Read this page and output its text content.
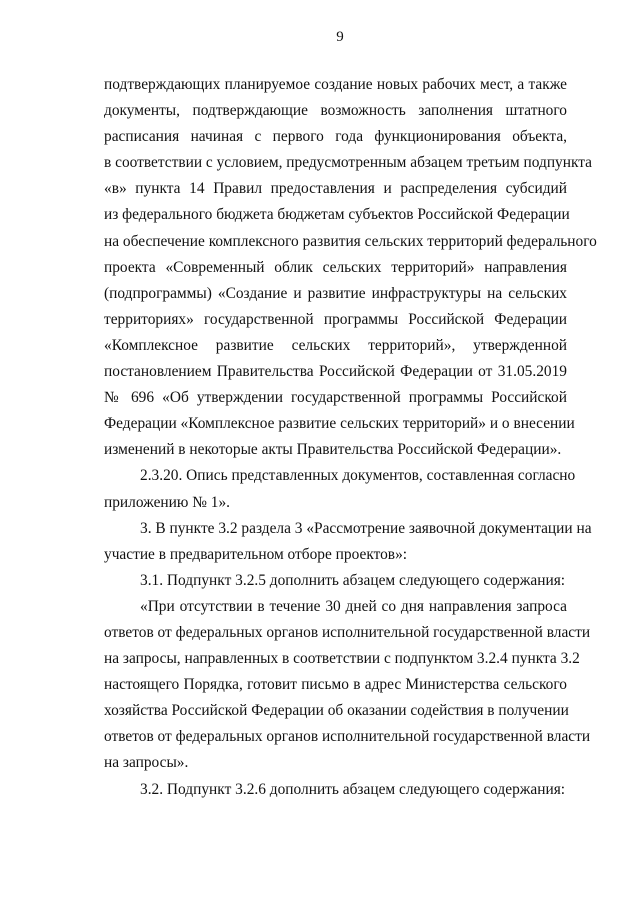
9
подтверждающих планируемое создание новых рабочих мест, а также
документы, подтверждающие возможность заполнения штатного
расписания начиная с первого года функционирования объекта,
в соответствии с условием, предусмотренным абзацем третьим подпункта
«в» пункта 14 Правил предоставления и распределения субсидий
из федерального бюджета бюджетам субъектов Российской Федерации
на обеспечение комплексного развития сельских территорий федерального
проекта «Современный облик сельских территорий» направления
(подпрограммы) «Создание и развитие инфраструктуры на сельских
территориях» государственной программы Российской Федерации
«Комплексное развитие сельских территорий», утвержденной
постановлением Правительства Российской Федерации от 31.05.2019
№ 696 «Об утверждении государственной программы Российской
Федерации «Комплексное развитие сельских территорий» и о внесении
изменений в некоторые акты Правительства Российской Федерации».
2.3.20. Опись представленных документов, составленная согласно
приложению № 1».
3. В пункте 3.2 раздела 3 «Рассмотрение заявочной документации на
участие в предварительном отборе проектов»:
3.1. Подпункт 3.2.5 дополнить абзацем следующего содержания:
«При отсутствии в течение 30 дней со дня направления запроса
ответов от федеральных органов исполнительной государственной власти
на запросы, направленных в соответствии с подпунктом 3.2.4 пункта 3.2
настоящего Порядка, готовит письмо в адрес Министерства сельского
хозяйства Российской Федерации об оказании содействия в получении
ответов от федеральных органов исполнительной государственной власти
на запросы».
3.2. Подпункт 3.2.6 дополнить абзацем следующего содержания:
